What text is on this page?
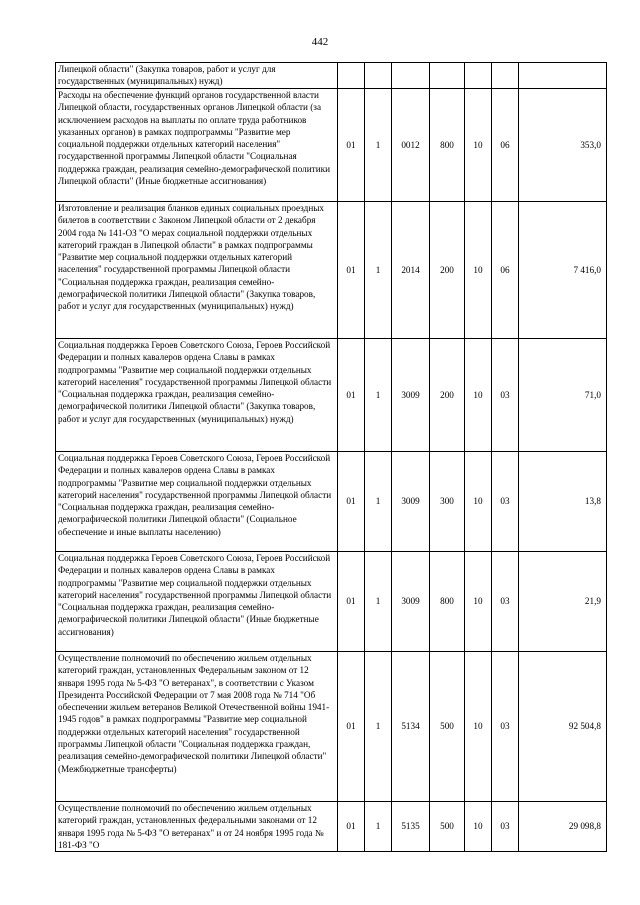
442
Липецкой области" (Закупка товаров, работ и услуг для государственных (муниципальных) нужд)							
Расходы на обеспечение функций органов государственной власти Липецкой области, государственных органов Липецкой области (за исключением расходов на выплаты по оплате труда работников указанных органов) в рамках подпрограммы "Развитие мер социальной поддержки отдельных категорий населения" государственной программы Липецкой области "Социальная поддержка граждан, реализация семейно-демографической политики Липецкой области" (Иные бюджетные ассигнования)	01	1	0012	800	10	06	353,0
Изготовление и реализация бланков единых социальных проездных билетов в соответствии с Законом Липецкой области от 2 декабря 2004 года № 141-ОЗ "О мерах социальной поддержки отдельных категорий граждан в Липецкой области" в рамках подпрограммы "Развитие мер социальной поддержки отдельных категорий населения" государственной программы Липецкой области "Социальная поддержка граждан, реализация семейно-демографической политики Липецкой области" (Закупка товаров, работ и услуг для государственных (муниципальных) нужд)	01	1	2014	200	10	06	7 416,0
Социальная поддержка Героев Советского Союза, Героев Российской Федерации и полных кавалеров ордена Славы в рамках подпрограммы "Развитие мер социальной поддержки отдельных категорий населения" государственной программы Липецкой области "Социальная поддержка граждан, реализация семейно-демографической политики Липецкой области" (Закупка товаров, работ и услуг для государственных (муниципальных) нужд)	01	1	3009	200	10	03	71,0
Социальная поддержка Героев Советского Союза, Героев Российской Федерации и полных кавалеров ордена Славы в рамках подпрограммы "Развитие мер социальной поддержки отдельных категорий населения" государственной программы Липецкой области "Социальная поддержка граждан, реализация семейно-демографической политики Липецкой области" (Социальное обеспечение и иные выплаты населению)	01	1	3009	300	10	03	13,8
Социальная поддержка Героев Советского Союза, Героев Российской Федерации и полных кавалеров ордена Славы в рамках подпрограммы "Развитие мер социальной поддержки отдельных категорий населения" государственной программы Липецкой области "Социальная поддержка граждан, реализация семейно-демографической политики Липецкой области" (Иные бюджетные ассигнования)	01	1	3009	800	10	03	21,9
Осуществление полномочий по обеспечению жильем отдельных категорий граждан, установленных Федеральным законом от 12 января 1995 года № 5-ФЗ "О ветеранах", в соответствии с Указом Президента Российской Федерации от 7 мая 2008 года № 714 "Об обеспечении жильем ветеранов Великой Отечественной войны 1941-1945 годов" в рамках подпрограммы "Развитие мер социальной поддержки отдельных категорий населения" государственной программы Липецкой области "Социальная поддержка граждан, реализация семейно-демографической политики Липецкой области" (Межбюджетные трансферты)	01	1	5134	500	10	03	92 504,8
Осуществление полномочий по обеспечению жильем отдельных категорий граждан, установленных федеральными законами от 12 января 1995 года № 5-ФЗ "О ветеранах" и от 24 ноября 1995 года № 181-ФЗ "О	01	1	5135	500	10	03	29 098,8
